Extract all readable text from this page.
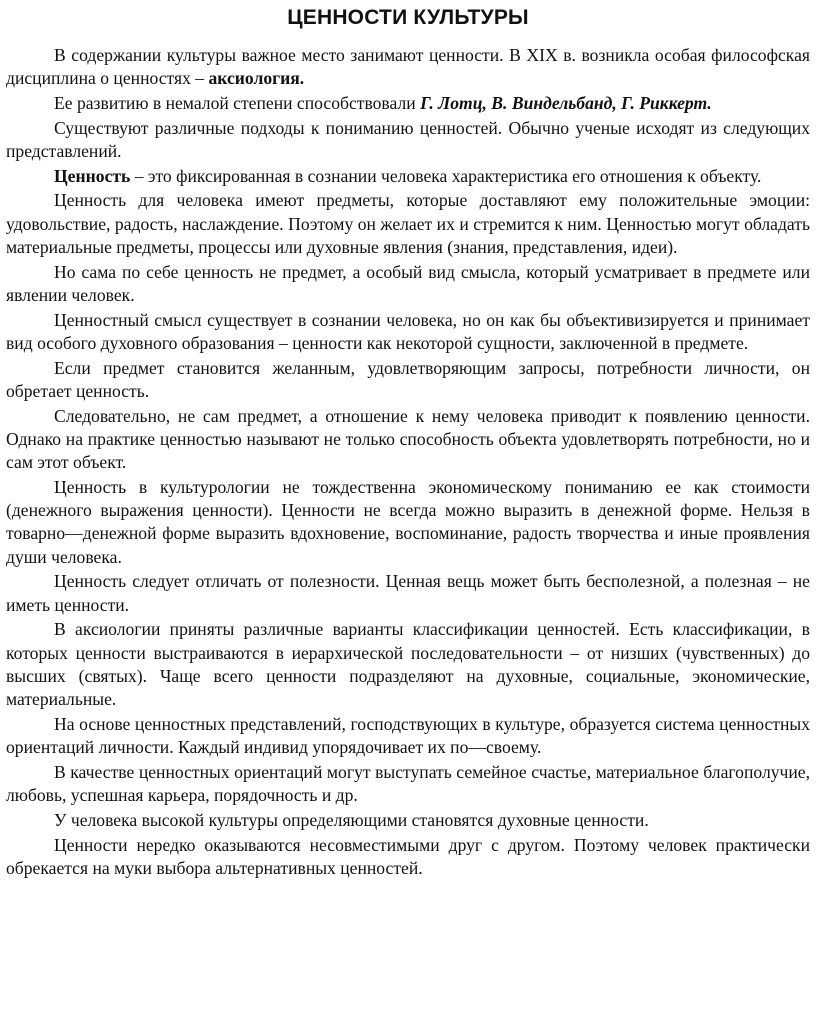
ЦЕННОСТИ КУЛЬТУРЫ

В содержании культуры важное место занимают ценности. В XIX в. возникла особая философская дисциплина о ценностях – аксиология.

Ее развитию в немалой степени способствовали Г. Лотц, В. Виндельбанд, Г. Риккерт.

Существуют различные подходы к пониманию ценностей. Обычно ученые исходят из следующих представлений.

Ценность – это фиксированная в сознании человека характеристика его отношения к объекту.

Ценность для человека имеют предметы, которые доставляют ему положительные эмоции: удовольствие, радость, наслаждение. Поэтому он желает их и стремится к ним. Ценностью могут обладать материальные предметы, процессы или духовные явления (знания, представления, идеи).

Но сама по себе ценность не предмет, а особый вид смысла, который усматривает в предмете или явлении человек.

Ценностный смысл существует в сознании человека, но он как бы объективизируется и принимает вид особого духовного образования – ценности как некоторой сущности, заключенной в предмете.

Если предмет становится желанным, удовлетворяющим запросы, потребности личности, он обретает ценность.

Следовательно, не сам предмет, а отношение к нему человека приводит к появлению ценности. Однако на практике ценностью называют не только способность объекта удовлетворять потребности, но и сам этот объект.

Ценность в культурологии не тождественна экономическому пониманию ее как стоимости (денежного выражения ценности). Ценности не всегда можно выразить в денежной форме. Нельзя в товарно—денежной форме выразить вдохновение, воспоминание, радость творчества и иные проявления души человека.

Ценность следует отличать от полезности. Ценная вещь может быть бесполезной, а полезная – не иметь ценности.

В аксиологии приняты различные варианты классификации ценностей. Есть классификации, в которых ценности выстраиваются в иерархической последовательности – от низших (чувственных) до высших (святых). Чаще всего ценности подразделяют на духовные, социальные, экономические, материальные.

На основе ценностных представлений, господствующих в культуре, образуется система ценностных ориентаций личности. Каждый индивид упорядочивает их по—своему.

В качестве ценностных ориентаций могут выступать семейное счастье, материальное благополучие, любовь, успешная карьера, порядочность и др.

У человека высокой культуры определяющими становятся духовные ценности.

Ценности нередко оказываются несовместимыми друг с другом. Поэтому человек практически обрекается на муки выбора альтернативных ценностей.
